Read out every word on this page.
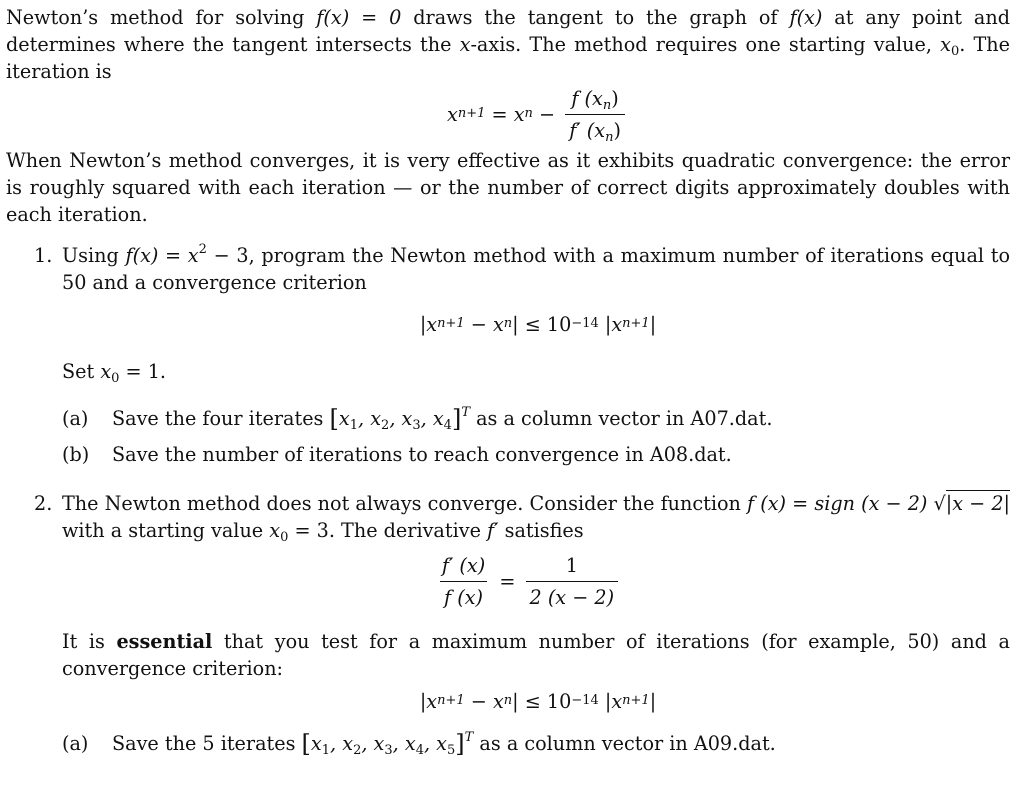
Newton’s method for solving f(x) = 0 draws the tangent to the graph of f(x) at any point and determines where the tangent intersects the x-axis. The method requires one starting value, $x_0$. The iteration is

x n+1 = x $n - \frac{f (x_n)}{f' (x_n)}$

When Newton’s method converges, it is very effective as it exhibits quadratic convergence: the error is roughly squared with each iteration — or the number of correct digits approximately doubles with each iteration.

1. Using $f(x) = x^2 - 3$, program the Newton method with a maximum number of iterations equal to 50 and a convergence criterion

|x n+1 − x n | ≤ 10 −14 |x n+1 |

Set $x_0 = 1$.

(a) Save the four iterates [$x_1$, $x_2$, $x_3$, $x_4]^T$ as a column vector in A07.dat.
(b) Save the number of iterations to reach convergence in A08.dat.
2. The Newton method does not always converge. Consider the function f (x) = sign (x − 2) √|x − 2| with a starting value $x_0 = 3$. The derivative f′ satisfies

$\frac{f' (x)}{f (x)} = \frac{1}{2 (x - 2)}$

It is essential that you test for a maximum number of iterations (for example, 50) and a convergence criterion:

|x n+1 − x n | ≤ 10 −14 |x n+1 |
(a) Save the 5 iterates [$x_1$, $x_2$, $x_3$, $x_4$, $x_5]^T$ as a column vector in A09.dat.
